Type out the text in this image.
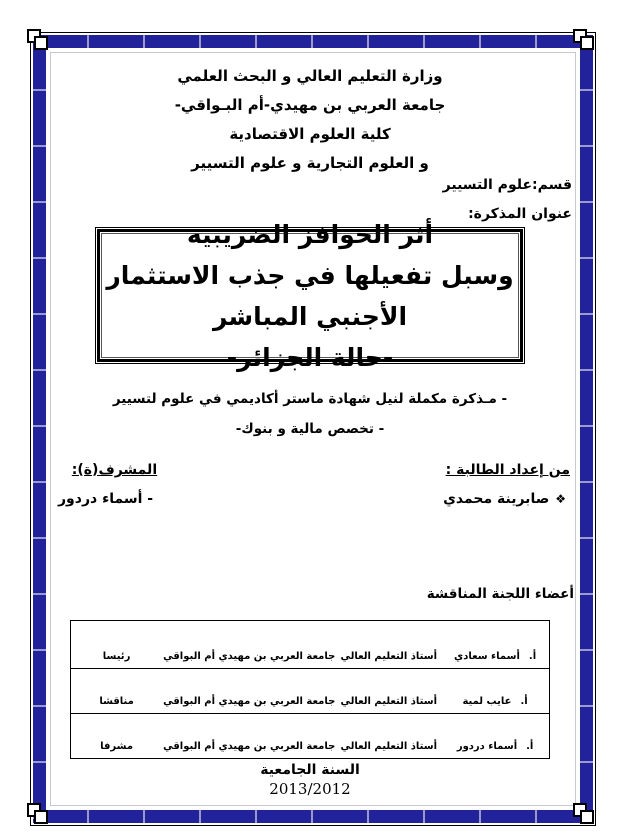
وزارة التعليم العالي و البحث العلمي
جامعة العربي بن مهيدي-أم البـواقي-
كلية العلوم الاقتصادية
و العلوم التجارية و علوم التسيير
قسم:علوم التسيير
عنوان المذكرة:
أثر الحوافز الضريبية
وسبل تفعيلها في جذب الاستثمار الأجنبي المباشر
-حالة الجزائر-
- مـذكرة مكملة لنيل شهادة ماستر أكاديمي في علوم لتسيير
- تخصص مالية و بنوك-
من إعداد الطالبة :
❖صابرينة محمدي
المشرف(ة):
- أسماء دردور
أعضاء اللجنة المناقشة
أ.أسماء سعادي	أستاذ التعليم العالي	جامعة العربي بن مهيدي أم البواقي	رئيسا
أ.عايب لمية	أستاذ التعليم العالي	جامعة العربي بن مهيدي أم البواقي	مناقشا
أ.أسماء دردور	أستاذ التعليم العالي	جامعة العربي بن مهيدي أم البواقي	مشرفا
السنة الجامعية
2013/2012
